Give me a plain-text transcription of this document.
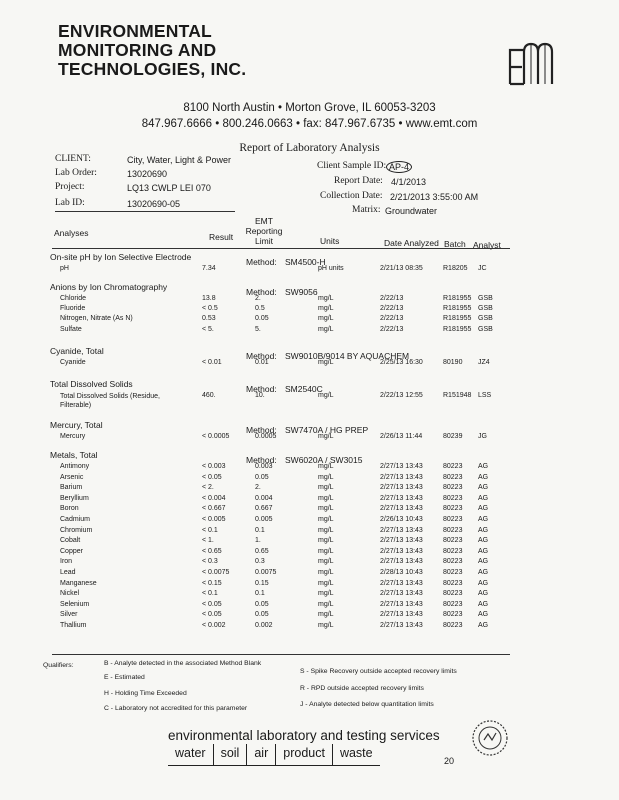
ENVIRONMENTAL
MONITORING AND
TECHNOLOGIES, INC.
8100 North Austin • Morton Grove, IL 60053-3203
847.967.6666 • 800.246.0663 • fax: 847.967.6735 • www.emt.com
Report of Laboratory Analysis
CLIENT:	City, Water, Light & Power
Lab Order:	13020690
Project:	LQ13 CWLP LEI 070
Lab ID:	13020690-05
Client Sample ID: AP-4
Report Date: 4/1/2013
Collection Date: 2/21/2013 3:55:00 AM
Matrix: Groundwater
Analyses	Result
EMT
Reporting
Limit	Units	Date Analyzed Batch Analyst
On-site pH by Ion Selective Electrode	Method: SM4500-H
pH	7.34	pH units	2/21/13 08:35	R18205 JC
Anions by Ion Chromatography	Method: SW9056
Chloride	13.8	2.	mg/L	2/22/13	R181955 GSB
Fluoride	< 0.5	0.5	mg/L	2/22/13	R181955 GSB
Nitrogen, Nitrate (As N)	0.53	0.05	mg/L	2/22/13	R181955 GSB
Sulfate	< 5.	5.	mg/L	2/22/13	R181955 GSB
Cyanide, Total	Method: SW9010B/9014 BY AQUACHEM
Cyanide	< 0.01	0.01	mg/L	2/25/13 16:30	80190 JZ4
Total Dissolved Solids	Method: SM2540C
Total Dissolved Solids (Residue, Filterable)
460.	10.	mg/L	2/22/13 12:55	R151948 LSS
Mercury, Total	Method: SW7470A / HG PREP
Mercury	< 0.0005	0.0005	mg/L	2/26/13 11:44	80239 JG
Metals, Total	Method: SW6020A / SW3015
Antimony	< 0.003	0.003	mg/L	2/27/13 13:43	80223 AG
Arsenic	< 0.05	0.05	mg/L	2/27/13 13:43	80223 AG
Barium	< 2.	2.	mg/L	2/27/13 13:43	80223 AG
Beryllium	< 0.004	0.004	mg/L	2/27/13 13:43	80223 AG
Boron	< 0.667	0.667	mg/L	2/27/13 13:43	80223 AG
Cadmium	< 0.005	0.005	mg/L	2/26/13 10:43	80223 AG
Chromium	< 0.1	0.1	mg/L	2/27/13 13:43	80223 AG
Cobalt	< 1.	1.	mg/L	2/27/13 13:43	80223 AG
Copper	< 0.65	0.65	mg/L	2/27/13 13:43	80223 AG
Iron	< 0.3	0.3	mg/L	2/27/13 13:43	80223 AG
Lead	< 0.0075	0.0075	mg/L	2/28/13 10:43	80223 AG
Manganese	< 0.15	0.15	mg/L	2/27/13 13:43	80223 AG
Nickel	< 0.1	0.1	mg/L	2/27/13 13:43	80223 AG
Selenium	< 0.05	0.05	mg/L	2/27/13 13:43	80223 AG
Silver	< 0.05	0.05	mg/L	2/27/13 13:43	80223 AG
Thallium	< 0.002	0.002	mg/L	2/27/13 13:43	80223 AG
Qualifiers:	B - Analyte detected in the associated Method Blank
E - Estimated
H - Holding Time Exceeded
C - Laboratory not accredited for this parameter
S - Spike Recovery outside accepted recovery limits
R - RPD outside accepted recovery limits
J - Analyte detected below quantitation limits
environmental laboratory and testing services
water	soil	air	product	waste
20
